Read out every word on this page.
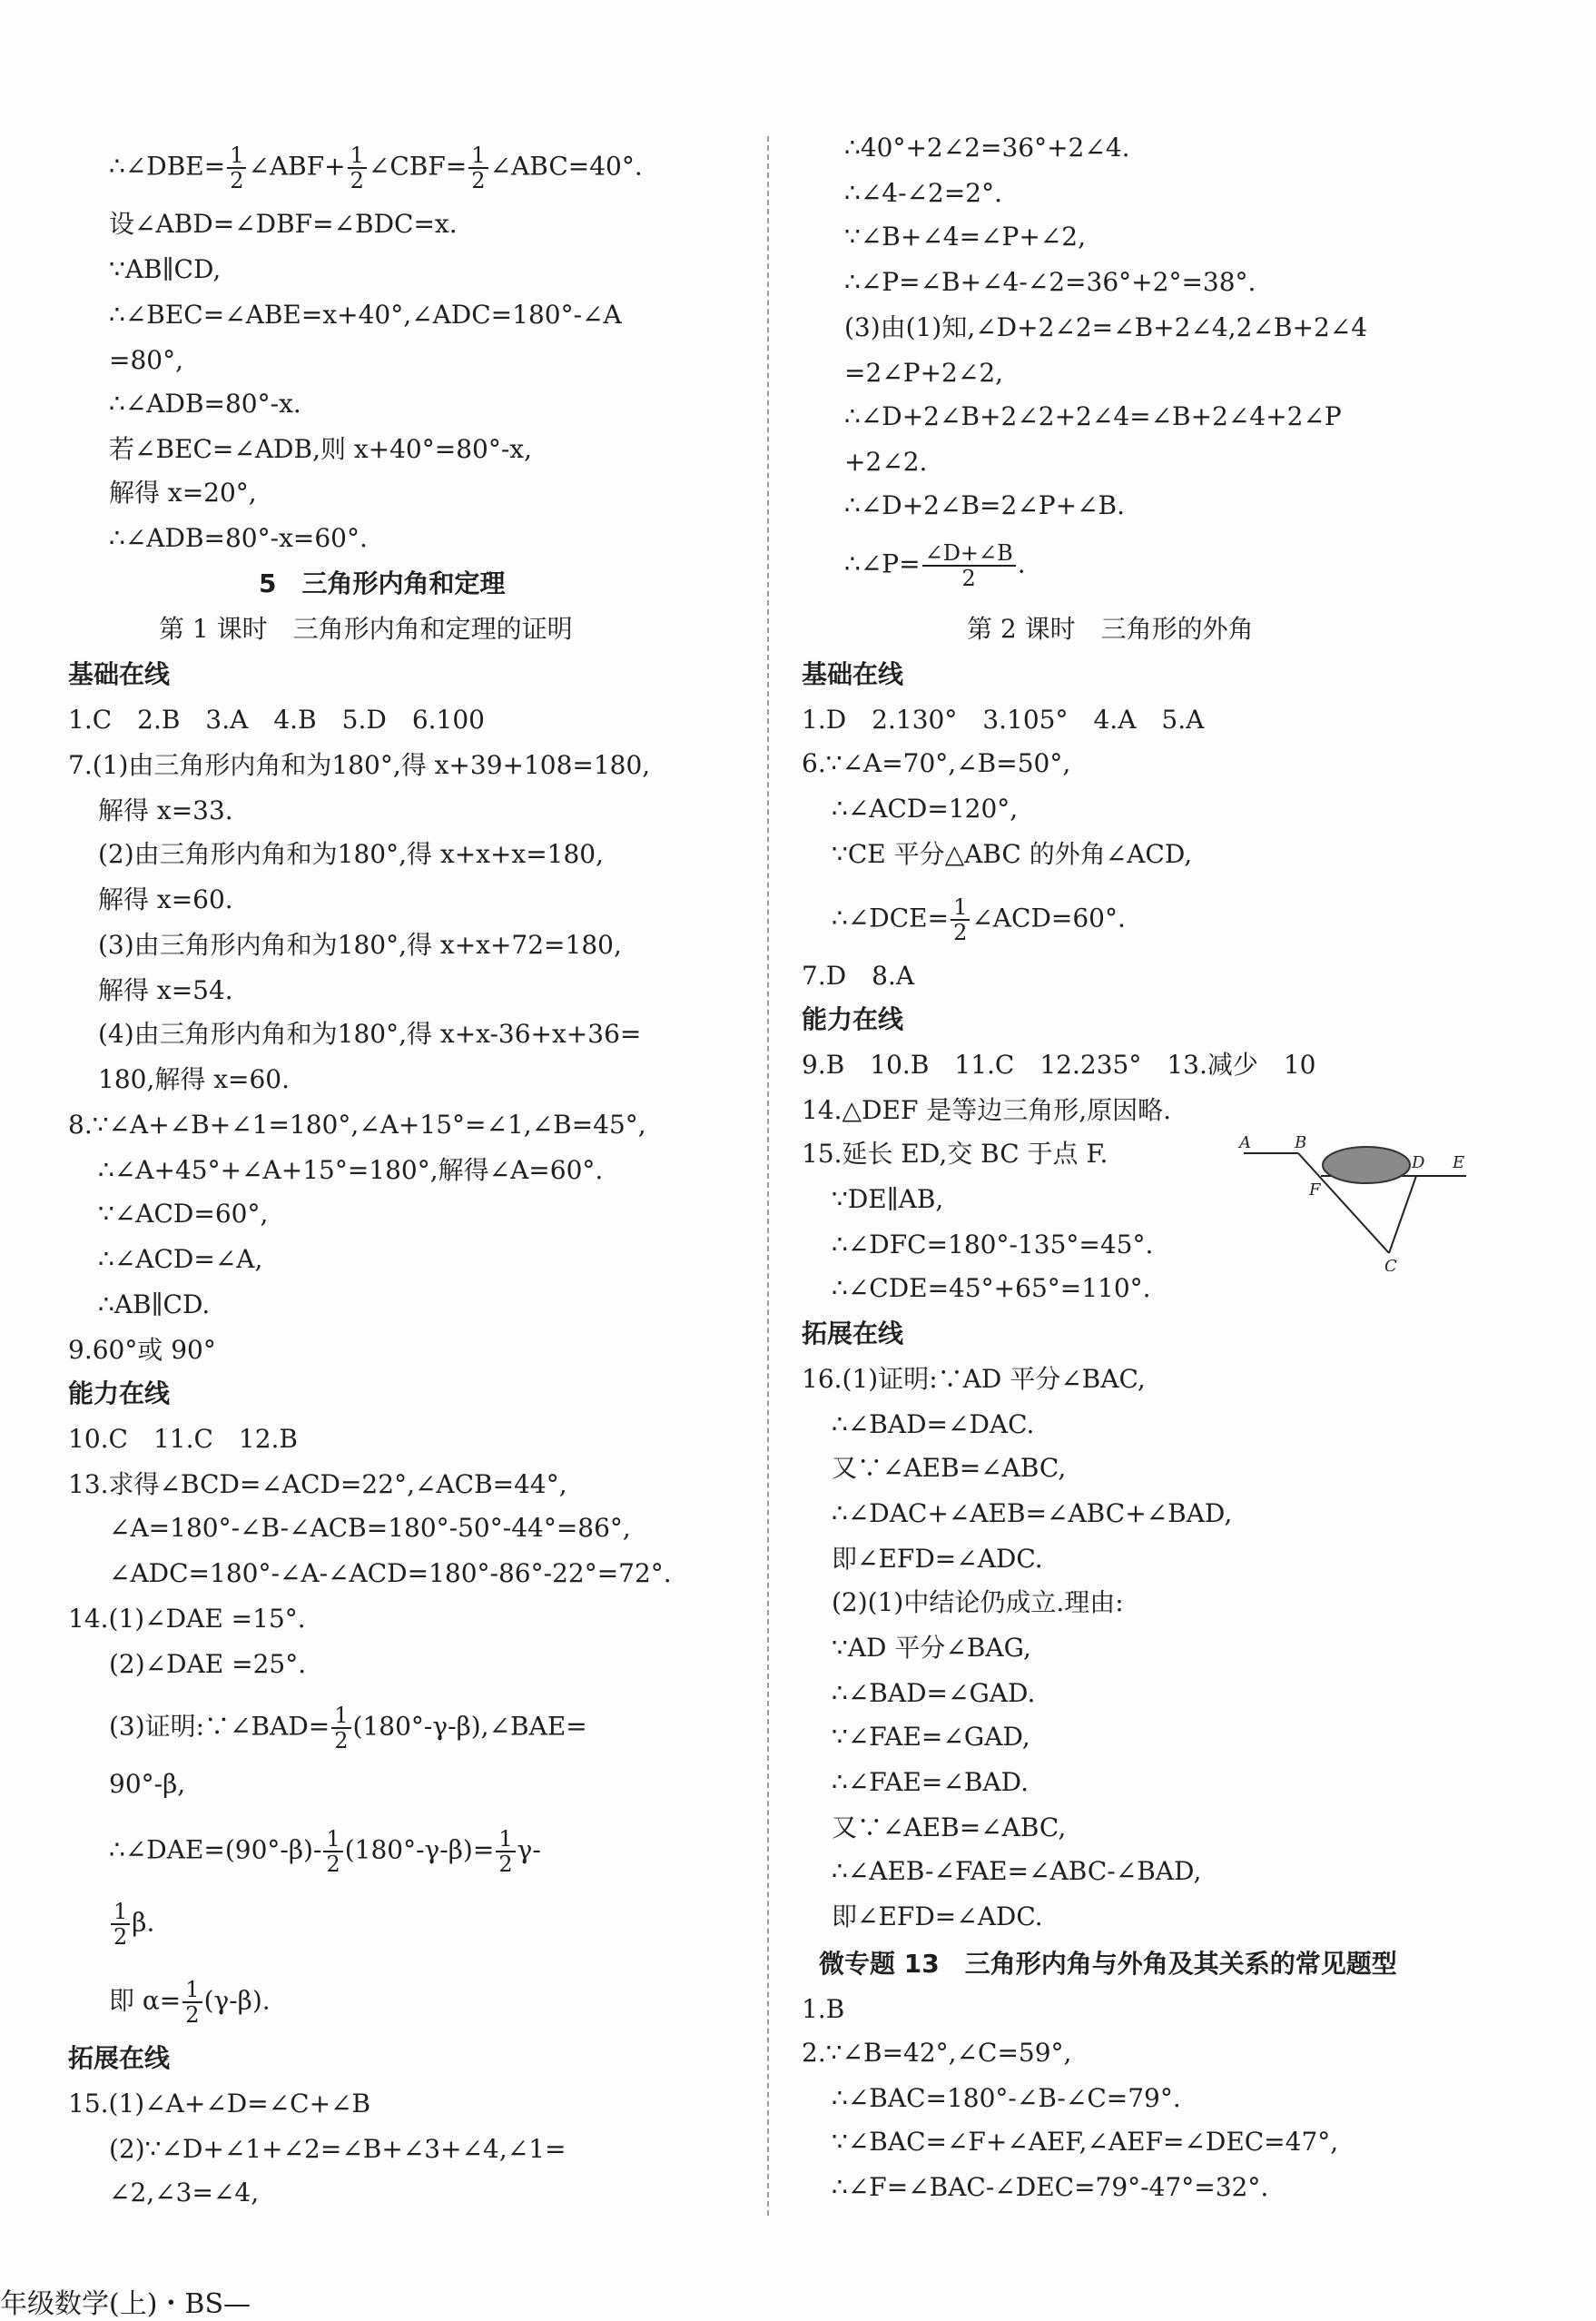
∴∠DBE= $\frac{1}{2}$ ∠ABF+ $\frac{1}{2}$ ∠CBF= $\frac{1}{2}$ ∠ABC=40°.
设∠ABD=∠DBF=∠BDC=x.
∵AB∥CD,
∴∠BEC=∠ABE=x+40°,∠ADC=180°-∠A
=80°,
∴∠ADB=80°-x.
若∠BEC=∠ADB,则 x+40°=80°-x,
解得 x=20°,
∴∠ADB=80°-x=60°.
5　三角形内角和定理
第 1 课时　三角形内角和定理的证明
基础在线
1.C　2.B　3.A　4.B　5.D　6.100
7.(1)由三角形内角和为180°,得 x+39+108=180,
解得 x=33.
(2)由三角形内角和为180°,得 x+x+x=180,
解得 x=60.
(3)由三角形内角和为180°,得 x+x+72=180,
解得 x=54.
(4)由三角形内角和为180°,得 x+x-36+x+36=
180,解得 x=60.
8.∵∠A+∠B+∠1=180°,∠A+15°=∠1,∠B=45°,
∴∠A+45°+∠A+15°=180°,解得∠A=60°.
∵∠ACD=60°,
∴∠ACD=∠A,
∴AB∥CD.
9.60°或 90°
能力在线
10.C　11.C　12.B
13.求得∠BCD=∠ACD=22°,∠ACB=44°,
∠A=180°-∠B-∠ACB=180°-50°-44°=86°,
∠ADC=180°-∠A-∠ACD=180°-86°-22°=72°.
14.(1)∠DAE =15°.
(2)∠DAE =25°.
(3)证明:∵∠BAD= $\frac{1}{2}$ (180°-γ-β),∠BAE=
90°-β,
∴∠DAE=(90°-β)- $\frac{1}{2} (180^\circ-\gamma-\beta)= \frac{1}{2} \gamma-$
$\frac{1}{2} \beta$.
即 $\alpha= \frac{1}{2} (\gamma-\beta)$.
拓展在线
15.(1)∠A+∠D=∠C+∠B
(2)∵∠D+∠1+∠2=∠B+∠3+∠4,∠1=
∠2,∠3=∠4,
∴40°+2∠2=36°+2∠4.
∴∠4-∠2=2°.
∵∠B+∠4=∠P+∠2,
∴∠P=∠B+∠4-∠2=36°+2°=38°.
(3)由(1)知,∠D+2∠2=∠B+2∠4,2∠B+2∠4
=2∠P+2∠2,
∴∠D+2∠B+2∠2+2∠4=∠B+2∠4+2∠P
+2∠2.
∴∠D+2∠B=2∠P+∠B.
∴∠P= $\frac{\angle D+\angle B}{2}$ .
第 2 课时　三角形的外角
基础在线
1.D　2.130°　3.105°　4.A　5.A
6.∵∠A=70°,∠B=50°,
∴∠ACD=120°,
∵CE 平分△ABC 的外角∠ACD,
∴∠DCE= $\frac{1}{2}$ ∠ACD=60°.
7.D　8.A
能力在线
9.B　10.B　11.C　12.235°　13.减少　10
14.△DEF 是等边三角形,原因略.
15.延长 ED,交 BC 于点 F.
∵DE∥AB,
∴∠DFC=180°-135°=45°.
∴∠CDE=45°+65°=110°.
拓展在线
16.(1)证明:∵AD 平分∠BAC,
∴∠BAD=∠DAC.
又∵∠AEB=∠ABC,
∴∠DAC+∠AEB=∠ABC+∠BAD,
即∠EFD=∠ADC.
(2)(1)中结论仍成立.理由:
∵AD 平分∠BAG,
∴∠BAD=∠GAD.
∵∠FAE=∠GAD,
∴∠FAE=∠BAD.
又∵∠AEB=∠ABC,
∴∠AEB-∠FAE=∠ABC-∠BAD,
即∠EFD=∠ADC.
微专题 13　三角形内角与外角及其关系的常见题型
1.B
2.∵∠B=42°,∠C=59°,
∴∠BAC=180°-∠B-∠C=79°.
∵∠BAC=∠F+∠AEF,∠AEF=∠DEC=47°,
∴∠F=∠BAC-∠DEC=79°-47°=32°.
A	B
F
D E
C
年级数学(上)・BS—
